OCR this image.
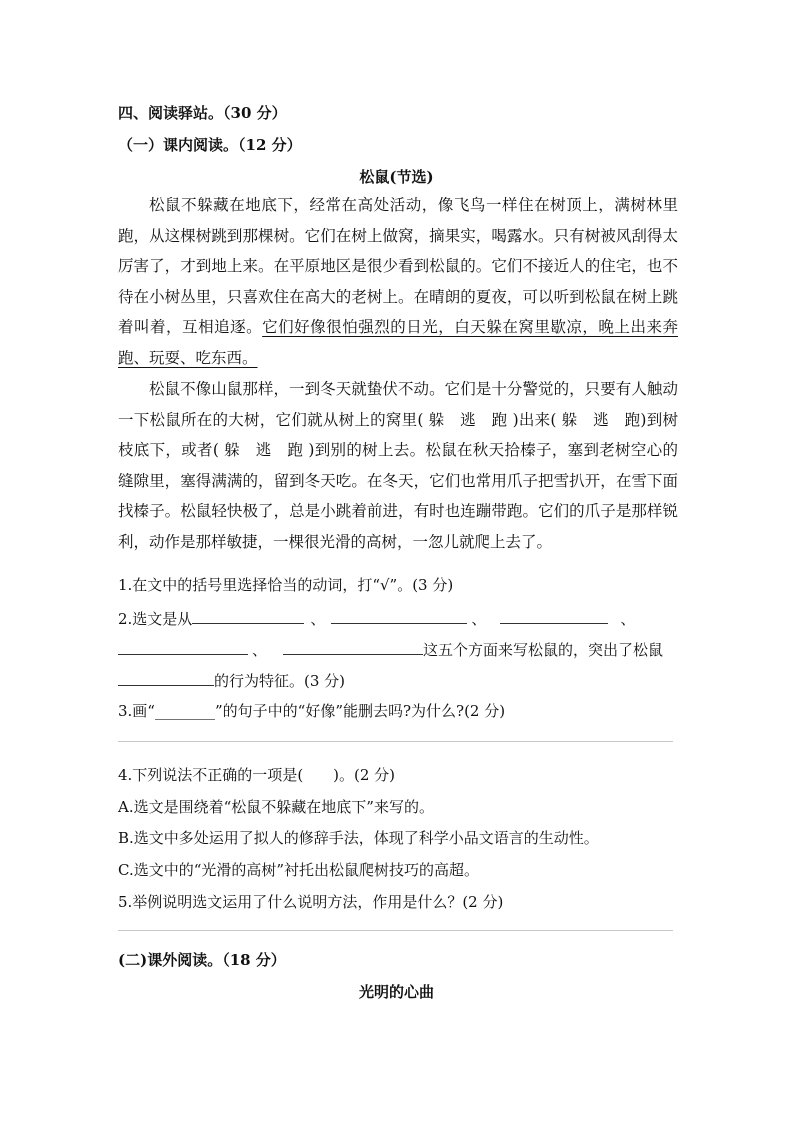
四、阅读驿站。（30 分）
（一）课内阅读。（12 分）
松鼠(节选)
松鼠不躲藏在地底下，经常在高处活动，像飞鸟一样住在树顶上，满树林里跑，从这棵树跳到那棵树。它们在树上做窝，摘果实，喝露水。只有树被风刮得太厉害了，才到地上来。在平原地区是很少看到松鼠的。它们不接近人的住宅，也不待在小树丛里，只喜欢住在高大的老树上。在晴朗的夏夜，可以听到松鼠在树上跳着叫着，互相追逐。它们好像很怕强烈的日光，白天躲在窝里歇凉，晚上出来奔跑、玩耍、吃东西。
松鼠不像山鼠那样，一到冬天就蛰伏不动。它们是十分警觉的，只要有人触动一下松鼠所在的大树，它们就从树上的窝里( 躲　逃　跑 )出来( 躲　逃　跑)到树枝底下，或者( 躲　逃　跑 )到别的树上去。松鼠在秋天拾榛子，塞到老树空心的缝隙里，塞得满满的，留到冬天吃。在冬天，它们也常用爪子把雪扒开，在雪下面找榛子。松鼠轻快极了，总是小跳着前进，有时也连蹦带跑。它们的爪子是那样锐利，动作是那样敏捷，一棵很光滑的高树，一忽儿就爬上去了。
1.在文中的括号里选择恰当的动词，打“√”。(3 分)
2.选文是从	、	、	、
、	这五个方面来写松鼠的，突出了松鼠
的行为特征。(3 分)
3.画“________”的句子中的“好像”能删去吗?为什么?(2 分)
4.下列说法不正确的一项是(　　)。(2 分)
A.选文是围绕着“松鼠不躲藏在地底下”来写的。
B.选文中多处运用了拟人的修辞手法，体现了科学小品文语言的生动性。
C.选文中的“光滑的高树”衬托出松鼠爬树技巧的高超。
5.举例说明选文运用了什么说明方法，作用是什么？(2 分)
(二)课外阅读。（18 分）
光明的心曲
